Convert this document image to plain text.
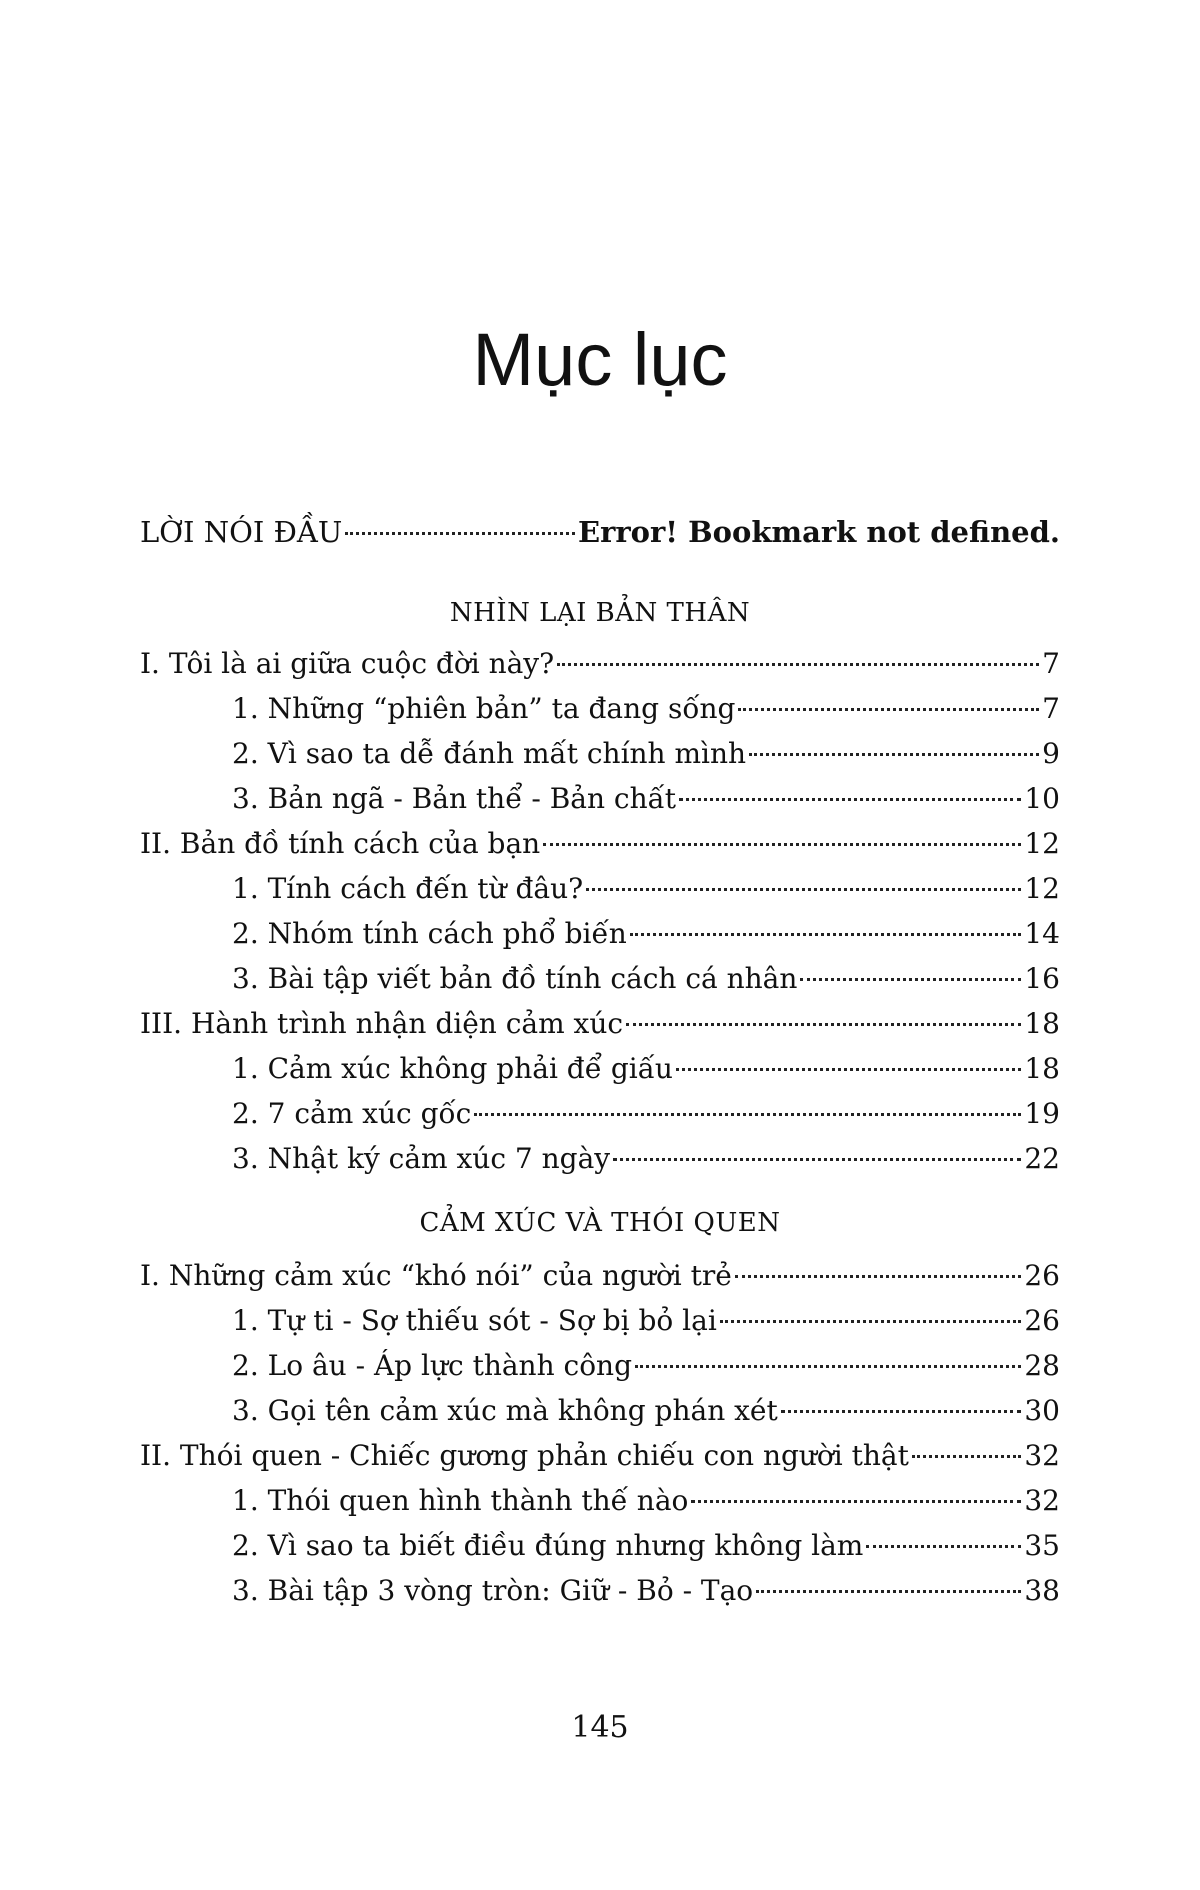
Mục lục
LỜI NÓI ĐẦU	Error! Bookmark not defined.
NHÌN LẠI BẢN THÂN
I. Tôi là ai giữa cuộc đời này?	7
1. Những “phiên bản” ta đang sống	7
2. Vì sao ta dễ đánh mất chính mình	9
3. Bản ngã - Bản thể - Bản chất	10
II. Bản đồ tính cách của bạn	12
1. Tính cách đến từ đâu?	12
2. Nhóm tính cách phổ biến	14
3. Bài tập viết bản đồ tính cách cá nhân	16
III. Hành trình nhận diện cảm xúc	18
1. Cảm xúc không phải để giấu	18
2. 7 cảm xúc gốc	19
3. Nhật ký cảm xúc 7 ngày	22
CẢM XÚC VÀ THÓI QUEN
I. Những cảm xúc “khó nói” của người trẻ	26
1. Tự ti - Sợ thiếu sót - Sợ bị bỏ lại	26
2. Lo âu - Áp lực thành công	28
3. Gọi tên cảm xúc mà không phán xét	30
II. Thói quen - Chiếc gương phản chiếu con người thật	32
1. Thói quen hình thành thế nào	32
2. Vì sao ta biết điều đúng nhưng không làm	35
3. Bài tập 3 vòng tròn: Giữ - Bỏ - Tạo	38
145
